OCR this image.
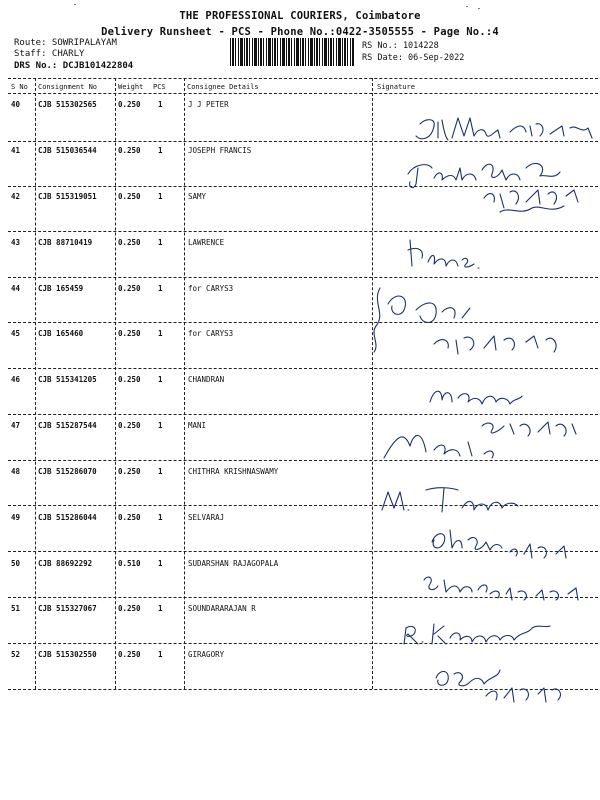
THE PROFESSIONAL COURIERS, Coimbatore
Delivery Runsheet - PCS - Phone No.:0422-3505555 - Page No.:4
Route: SOWRIPALAYAM
Staff: CHARLY
DRS No.: DCJB101422804
RS No.: 1014228
RS Date: 06-Sep-2022
S No Consignment No	Weight PCS	Consignee Details	Signature
40 CJB 515302565	0.250 1	J J PETER
41 CJB 515036544	0.250 1	JOSEPH FRANCIS
42 CJB 515319051	0.250 1	SAMY
43 CJB 88710419	0.250 1	LAWRENCE
44 CJB 165459	0.250 1	for CARYS3
45 CJB 165460	0.250 1	for CARYS3
46 CJB 515341205	0.250 1	CHANDRAN
47 CJB 515287544	0.250 1	MANI
48 CJB 515286070	0.250 1	CHITHRA KRISHNASWAMY
49 CJB 515286044	0.250 1	SELVARAJ
50 CJB 88692292	0.510 1	SUDARSHAN RAJAGOPALA
51 CJB 515327067	0.250 1	SOUNDARARAJAN R
52 CJB 515302550	0.250 1	GIRAGORY
